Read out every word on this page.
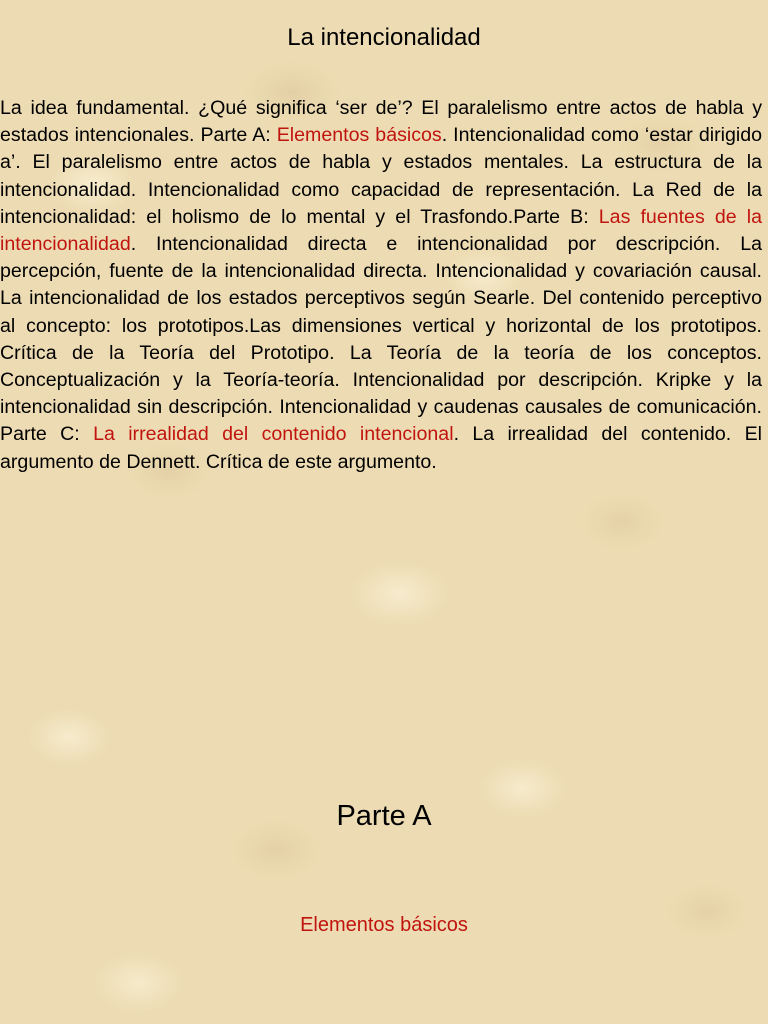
La intencionalidad

La idea fundamental. ¿Qué significa ‘ser de’? El paralelismo entre actos de habla y estados intencionales. Parte A: Elementos básicos. Intencionalidad como ‘estar dirigido a’. El paralelismo entre actos de habla y estados mentales. La estructura de la intencionalidad. Intencionalidad como capacidad de representación. La Red de la intencionalidad: el holismo de lo mental y el Trasfondo.Parte B: Las fuentes de la intencionalidad. Intencionalidad directa e intencionalidad por descripción. La percepción, fuente de la intencionalidad directa. Intencionalidad y covariación causal. La intencionalidad de los estados perceptivos según Searle. Del contenido perceptivo al concepto: los prototipos.Las dimensiones vertical y horizontal de los prototipos. Crítica de la Teoría del Prototipo. La Teoría de la teoría de los conceptos. Conceptualización y la Teoría-teoría. Intencionalidad por descripción. Kripke y la intencionalidad sin descripción. Intencionalidad y caudenas causales de comunicación. Parte C: La irrealidad del contenido intencional. La irrealidad del contenido. El argumento de Dennett. Crítica de este argumento.

Parte A
Elementos básicos
